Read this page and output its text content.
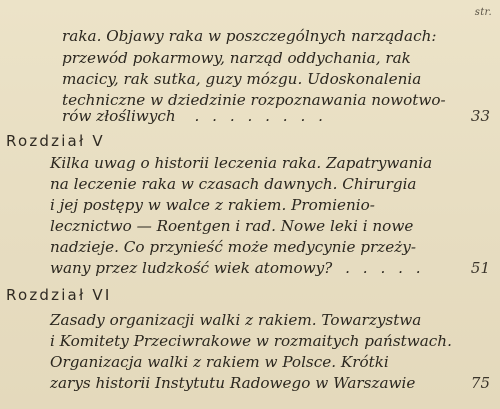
str.
raka. Objawy raka w poszczególnych narządach:
przewód pokarmowy, narząd oddychania, rak
macicy, rak sutka, guzy mózgu. Udoskonalenia
techniczne w dziedzinie rozpoznawania nowotwo-
rów złośliwych . . . . . . . .	33
Rozdział V
Kilka uwag o historii leczenia raka. Zapatrywania
na leczenie raka w czasach dawnych. Chirurgia
i jej postępy w walce z rakiem. Promienio-
lecznictwo — Roentgen i rad. Nowe leki i nowe
nadzieje. Co przynieść może medycynie przeży-
wany przez ludzkość wiek atomowy? . . . . .	51
Rozdział VI
Zasady organizacji walki z rakiem. Towarzystwa
i Komitety Przeciwrakowe w rozmaitych państwach.
Organizacja walki z rakiem w Polsce. Krótki
zarys historii Instytutu Radowego w Warszawie	75
